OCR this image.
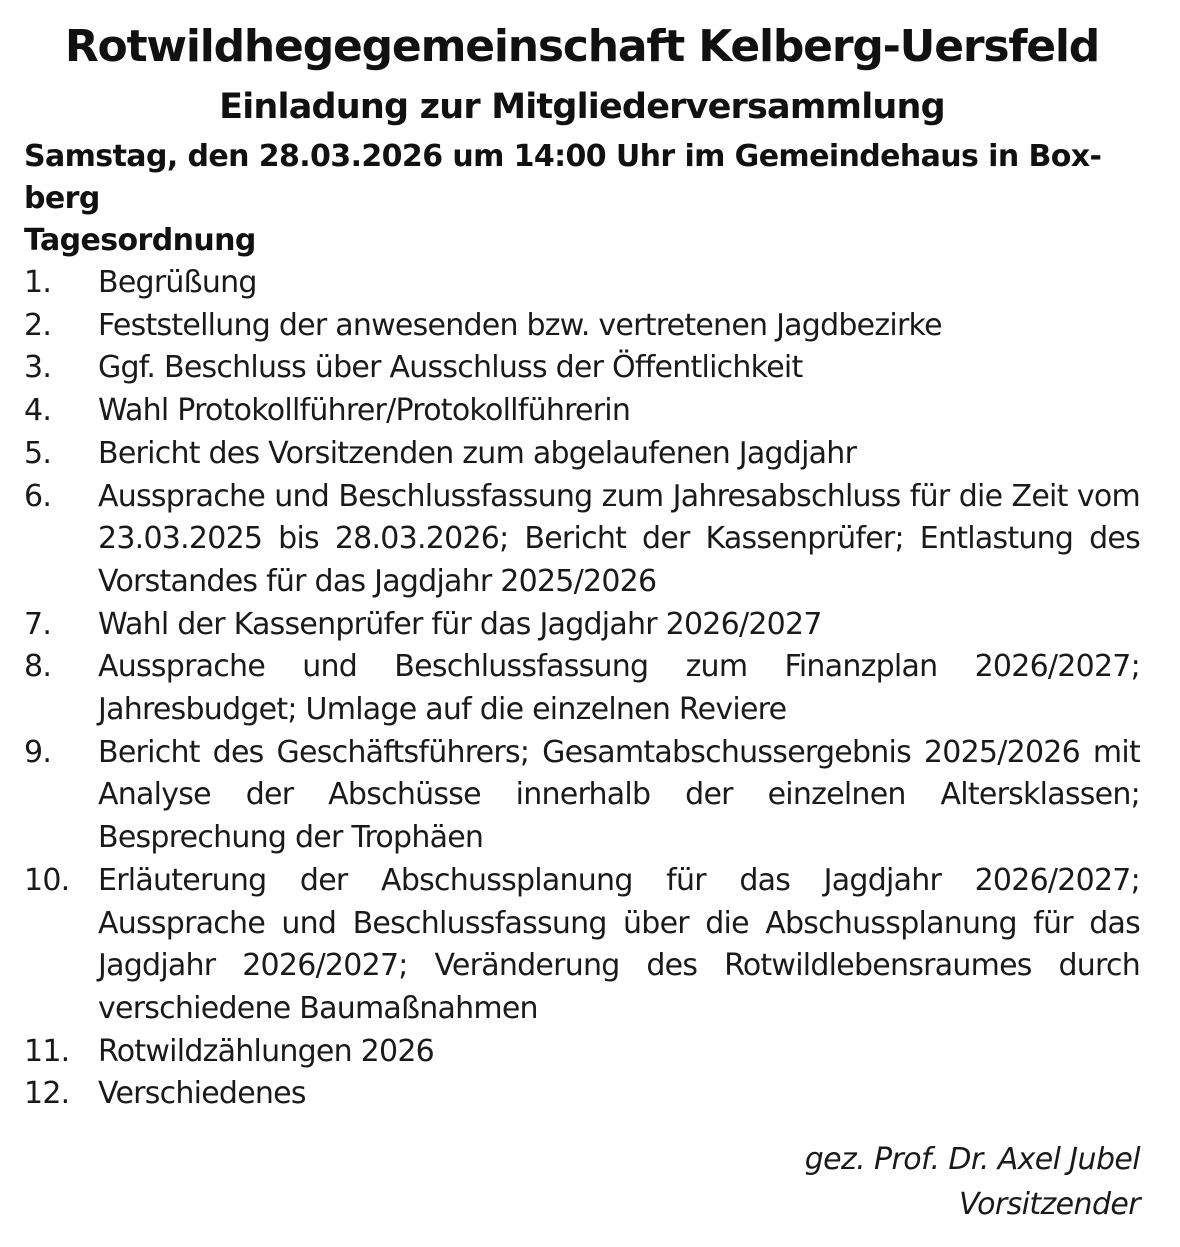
Rotwildhegegemeinschaft Kelberg-Uersfeld
Einladung zur Mitgliederversammlung
Samstag, den 28.03.2026 um 14:00 Uhr im Gemeindehaus in Box-
berg
Tagesordnung
1.	Begrüßung
2.	Feststellung der anwesenden bzw. vertretenen Jagdbezirke
3.	Ggf. Beschluss über Ausschluss der Öffentlichkeit
4.	Wahl Protokollführer/Protokollführerin
5.	Bericht des Vorsitzenden zum abgelaufenen Jagdjahr
6.	Aussprache und Beschlussfassung zum Jahresabschluss für die Zeit vom 23.03.2025 bis 28.03.2026; Bericht der Kassenprüfer; Entlastung des Vorstandes für das Jagdjahr 2025/2026
7.	Wahl der Kassenprüfer für das Jagdjahr 2026/2027
8.	Aussprache und Beschlussfassung zum Finanzplan 2026/2027; Jahresbudget; Umlage auf die einzelnen Reviere
9.	Bericht des Geschäftsführers; Gesamtabschussergebnis 2025/2026 mit Analyse der Abschüsse innerhalb der einzelnen Altersklassen; Besprechung der Trophäen
10. Erläuterung der Abschussplanung für das Jagdjahr 2026/2027; Aussprache und Beschlussfassung über die Abschussplanung für das Jagdjahr 2026/2027; Veränderung des Rotwildlebensraumes durch verschiedene Baumaßnahmen
11. Rotwildzählungen 2026
12. Verschiedenes
gez. Prof. Dr. Axel Jubel
Vorsitzender
